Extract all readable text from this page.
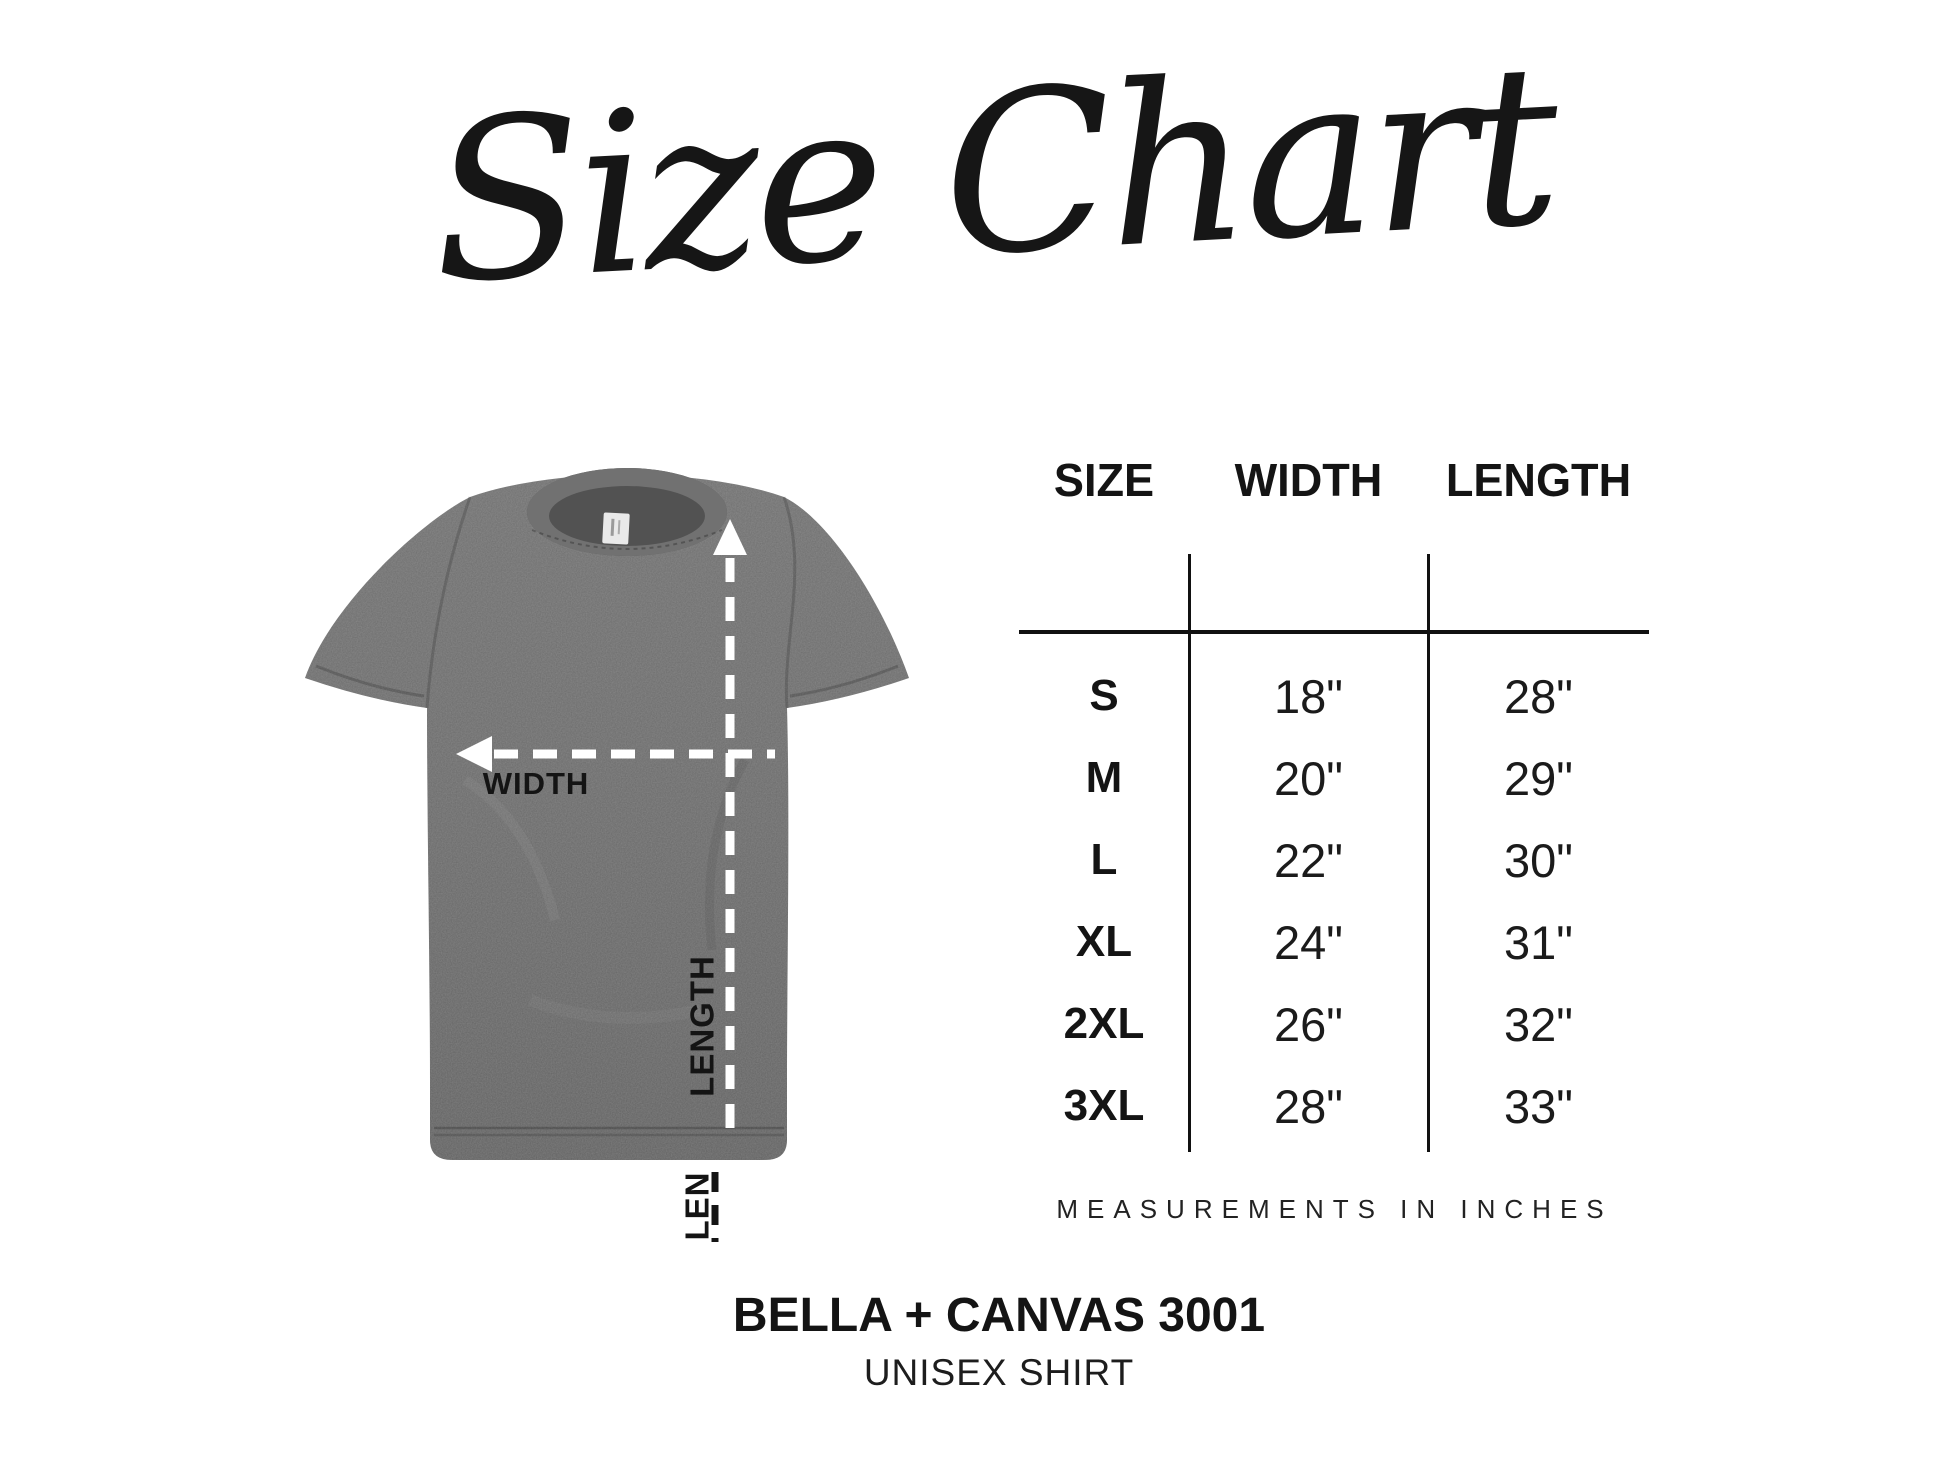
Size Chart
WIDTH
LENGTH
LEN
SIZE	WIDTH	LENGTH
S	18"	28"
M	20"	29"
L	22"	30"
XL	24"	31"
2XL	26"	32"
3XL	28"	33"
MEASUREMENTS IN INCHES
BELLA + CANVAS 3001
UNISEX SHIRT
